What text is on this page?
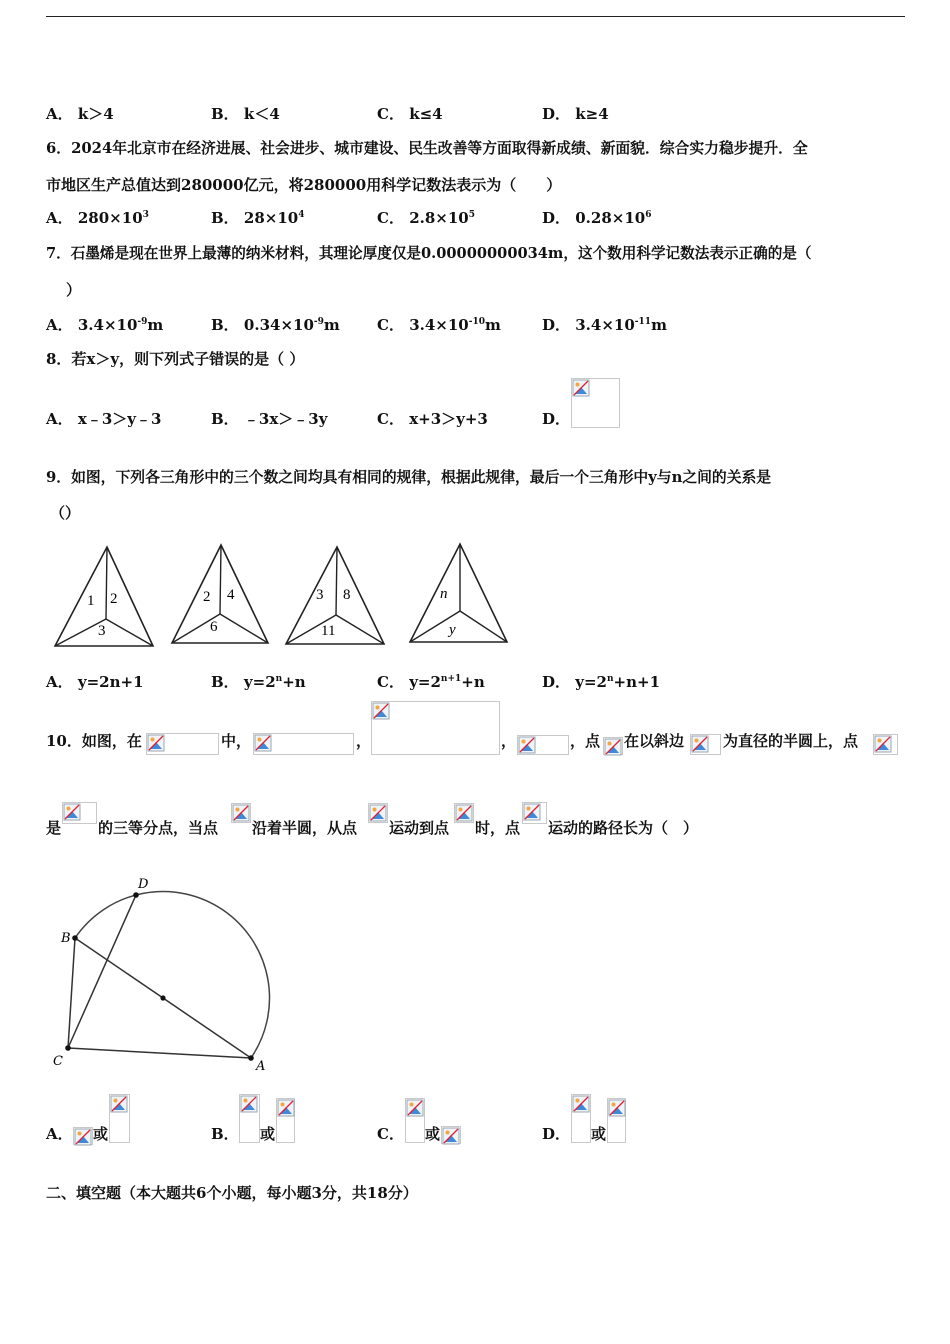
A． k＞4	B． k＜4	C． k≤4	D． k≥4
6．2024年北京市在经济进展、社会进步、城市建设、民生改善等方面取得新成绩、新面貌．综合实力稳步提升．全
市地区生产总值达到280000亿元，将280000用科学记数法表示为（　　）
A． $280\times 10^3$	B． $28\times 10^4$	C． $2.8\times 10^5$	D． $0.28\times 10^6$
7．石墨烯是现在世界上最薄的纳米材料，其理论厚度仅是0.00000000034m，这个数用科学记数法表示正确的是（
）
A． $3.4\times 10^{-9}m$	B． $0.34\times 10^{-9}m$ C． $3.4\times 10^{-10}m$	D． $3.4\times 10^{-11}m$
8．若x＞y，则下列式子错误的是（ ）
A． x﹣3＞y﹣3	B． ﹣3x＞﹣3y	C． x+3＞y+3	D．
9．如图，下列各三角形中的三个数之间均具有相同的规律，根据此规律，最后一个三角形中y与n之间的关系是
（）
1 2
3
2 4
6
3 8
11
n
y
A． y=2n+1	B． $y=2^n+n$	C． $y=2^{n+1}+n$	D． $y=2^n+n+1$
10．如图，在	中，	，	，	，点 在以斜边	为直径的半圆上，点
是 的三等分点，当点 沿着半圆，从点 运动到点 时，点 运动的路径长为（　）
B
D
C	A
A． 或	B． 或	C． 或	D． 或
二、填空题（本大题共6个小题，每小题3分，共18分）
